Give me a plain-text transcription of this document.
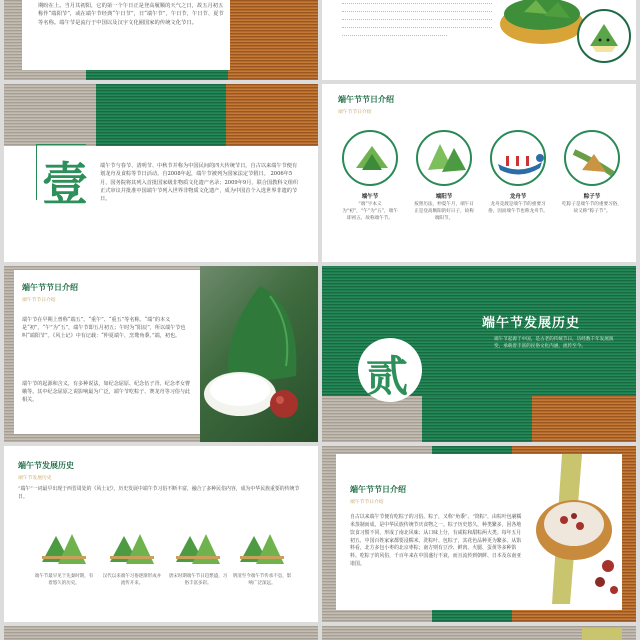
期盼在上。当月其初阳，它的第一个午日正是登高履顺的天气之日，故五月初五称作“端阳节”，或在端午节经典“午日节”，日“端午节”，午日节，午日节、夏节等名称。端午节是流行于中国以及汉字文化圈国家的传统文化节日。
壹 端午节与春节、清明节、中秋节并称为中国民间的四大传统节日。自古以来端午节便有划龙舟及食粽等节日活动。自2008年起，端午节被列为国家法定节假日。 2006年5月，国务院将其列入首批国家级非物质文化遗产名录；2009年9月，联合国教科文组织正式审议并批准中国端午节列入世界非物质文化遗产，成为中国首个入选世界非遗的节日。
端午节节日介绍
端午节节日介绍
端午节	端阳节	龙舟节	粽子节
“端”字本义为“初”，“午”为“五”，端午即初五，故称端午节。
按照历法，仲夏午月，端午日正是登高顺阳的好日子，故称端阳节。
龙舟竞渡是端午节的重要习俗，因而端午节也称龙舟节。
吃粽子是端午节的重要习俗，故又称“粽子节”。
端午节节日介绍
端午节节日介绍
端午节在早期上曾称“端五”、“重午”、“重五”等名称。“端”的本义是“初”，“午”为“五”，端午节即五月初五；午时为“阳辰”，所以端午节也叫“端阳节”。《风土记》中有记载：“仲夏端午，烹鹜角黍。”端，初也。
端午节的起源和含义，有多种说法，如纪念屈原、纪念伍子胥、纪念孝女曹娥等。其中纪念屈原之说影响最为广泛，端午节吃粽子、赛龙舟等习俗与此相关。
端午节发展历史
端午节起源于中国，是古老的传统节日，历经数千年发展演变，承载着丰富的民俗文化内涵，流传至今。
贰
端午节发展历史
端午节发展历史
“端午”一词最早出现于西晋周处的《风土记》，历史发展中端午节习俗不断丰富，融合了多种民俗内容，成为中华民族重要的传统节日。
端午节最早见于先秦时期，有着悠久的历史。
汉代以来端午习俗逐渐形成并流传开来。
唐宋时期端午节日趋繁盛，习俗丰富多彩。
明清至今端午节传承不息，影响广泛深远。
端午节节日介绍
端午节节日介绍
自古以来端午节便有吃粽子的习俗。粽子，又称“角黍”、“筒粽”，由粽叶包裹糯米蒸制而成，是中华民族传统节庆食物之一。粽子历史悠久，种类繁多，因各地饮食习惯不同，形成了南北风味；从口味上分，有咸粽和甜粽两大类。每年五月初五，中国百姓家家都要浸糯米、洗粽叶、包粽子，其花色品种更为繁多。从馅料看，北方多包小枣的北京枣粽；南方则有豆沙、鲜肉、火腿、蛋黄等多种馅料。吃粽子的风俗，千百年来在中国盛行不衰，而且流传到朝鲜、日本及东南亚诸国。
